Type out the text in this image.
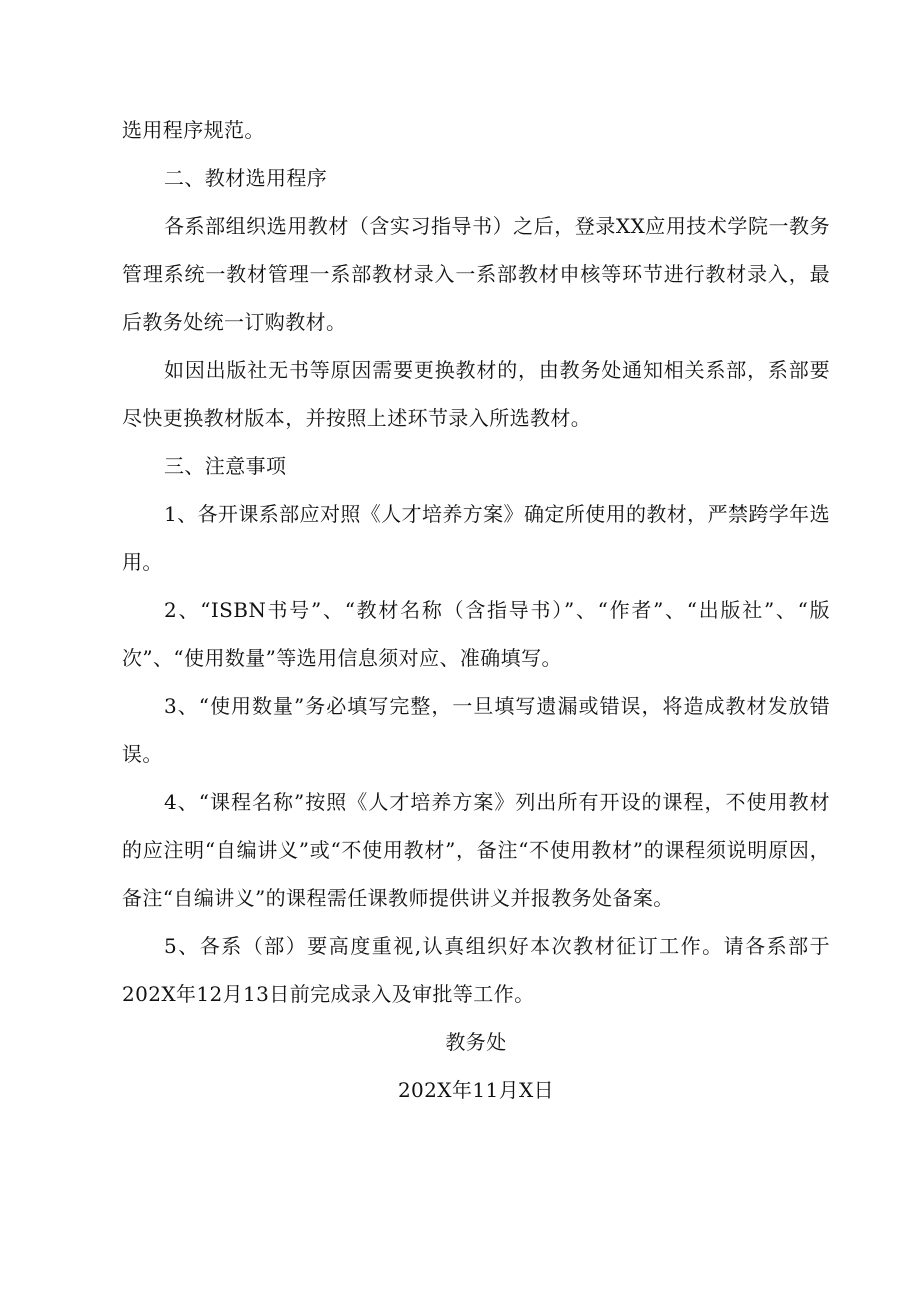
选用程序规范。

二、教材选用程序

各系部组织选用教材（含实习指导书）之后，登录XX应用技术学院一教务管理系统一教材管理一系部教材录入一系部教材申核等环节进行教材录入，最后教务处统一订购教材。

如因出版社无书等原因需要更换教材的，由教务处通知相关系部，系部要尽快更换教材版本，并按照上述环节录入所选教材。

三、注意事项

1、各开课系部应对照《人才培养方案》确定所使用的教材，严禁跨学年选用。

2、“ISBN书号”、“教材名称（含指导书）”、“作者”、“出版社”、“版次”、“使用数量”等选用信息须对应、准确填写。

3、“使用数量”务必填写完整，一旦填写遗漏或错误，将造成教材发放错误。

4、“课程名称”按照《人才培养方案》列出所有开设的课程，不使用教材的应注明“自编讲义”或“不使用教材”，备注“不使用教材”的课程须说明原因，备注“自编讲义”的课程需任课教师提供讲义并报教务处备案。

5、各系（部）要高度重视,认真组织好本次教材征订工作。请各系部于202X年12月13日前完成录入及审批等工作。

教务处

202X年11月X日
